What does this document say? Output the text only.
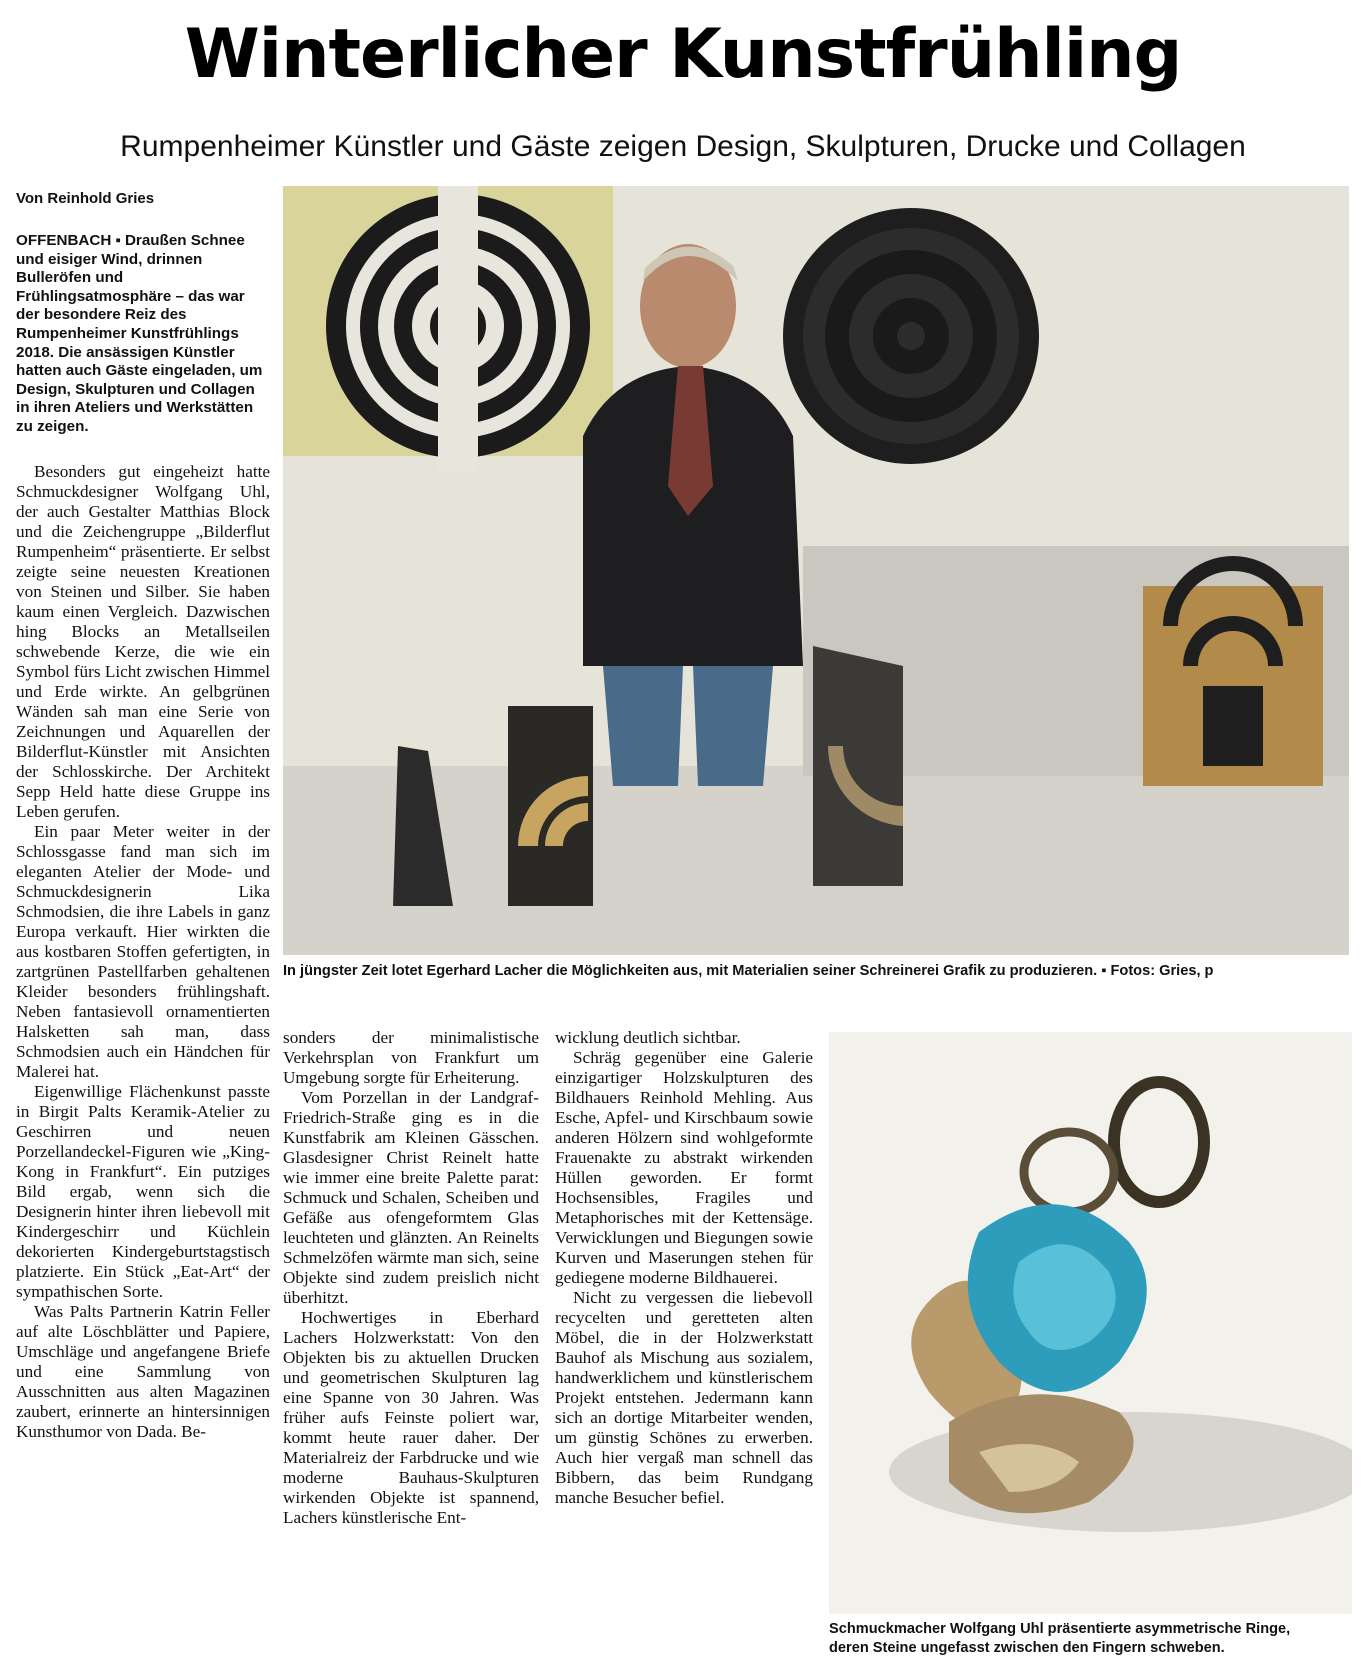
Winterlicher Kunstfrühling
Rumpenheimer Künstler und Gäste zeigen Design, Skulpturen, Drucke und Collagen
Von Reinhold Gries
OFFENBACH ▪ Draußen Schnee und eisiger Wind, drinnen Bulleröfen und Frühlingsatmosphäre – das war der besondere Reiz des Rumpenheimer Kunstfrühlings 2018. Die ansässigen Künstler hatten auch Gäste eingeladen, um Design, Skulpturen und Collagen in ihren Ateliers und Werkstätten zu zeigen.

Besonders gut eingeheizt hatte Schmuckdesigner Wolfgang Uhl, der auch Gestalter Matthias Block und die Zeichengruppe „Bilderflut Rumpenheim“ präsentierte. Er selbst zeigte seine neuesten Kreationen von Steinen und Silber. Sie haben kaum einen Vergleich. Dazwischen hing Blocks an Metallseilen schwebende Kerze, die wie ein Symbol fürs Licht zwischen Himmel und Erde wirkte. An gelbgrünen Wänden sah man eine Serie von Zeichnungen und Aquarellen der Bilderflut-Künstler mit Ansichten der Schlosskirche. Der Architekt Sepp Held hatte diese Gruppe ins Leben gerufen.

Ein paar Meter weiter in der Schlossgasse fand man sich im eleganten Atelier der Mode- und Schmuckdesignerin Lika Schmodsien, die ihre Labels in ganz Europa verkauft. Hier wirkten die aus kostbaren Stoffen gefertigten, in zartgrünen Pastellfarben gehaltenen Kleider besonders frühlingshaft. Neben fantasievoll ornamentierten Halsketten sah man, dass Schmodsien auch ein Händchen für Malerei hat.

Eigenwillige Flächenkunst passte in Birgit Palts Keramik-Atelier zu Geschirren und neuen Porzellandeckel-Figuren wie „King-Kong in Frankfurt“. Ein putziges Bild ergab, wenn sich die Designerin hinter ihren liebevoll mit Kindergeschirr und Küchlein dekorierten Kindergeburtstagstisch platzierte. Ein Stück „Eat-Art“ der sympathischen Sorte.

Was Palts Partnerin Katrin Feller auf alte Löschblätter und Papiere, Umschläge und angefangene Briefe und eine Sammlung von Ausschnitten aus alten Magazinen zaubert, erinnerte an hintersinnigen Kunsthumor von Dada. Be-

In jüngster Zeit lotet Egerhard Lacher die Möglichkeiten aus, mit Materialien seiner Schreinerei Grafik zu produzieren. ▪ Fotos: Gries, p

sonders der minimalistische Verkehrsplan von Frankfurt um Umgebung sorgte für Erheiterung.

Vom Porzellan in der Landgraf-Friedrich-Straße ging es in die Kunstfabrik am Kleinen Gässchen. Glasdesigner Christ Reinelt hatte wie immer eine breite Palette parat: Schmuck und Schalen, Scheiben und Gefäße aus ofengeformtem Glas leuchteten und glänzten. An Reinelts Schmelzöfen wärmte man sich, seine Objekte sind zudem preislich nicht überhitzt.

Hochwertiges in Eberhard Lachers Holzwerkstatt: Von den Objekten bis zu aktuellen Drucken und geometrischen Skulpturen lag eine Spanne von 30 Jahren. Was früher aufs Feinste poliert war, kommt heute rauer daher. Der Materialreiz der Farbdrucke und wie moderne Bauhaus-Skulpturen wirkenden Objekte ist spannend, Lachers künstlerische Ent-

wicklung deutlich sichtbar.

Schräg gegenüber eine Galerie einzigartiger Holzskulpturen des Bildhauers Reinhold Mehling. Aus Esche, Apfel- und Kirschbaum sowie anderen Hölzern sind wohlgeformte Frauenakte zu abstrakt wirkenden Hüllen geworden. Er formt Hochsensibles, Fragiles und Metaphorisches mit der Kettensäge. Verwicklungen und Biegungen sowie Kurven und Maserungen stehen für gediegene moderne Bildhauerei.

Nicht zu vergessen die liebevoll recycelten und geretteten alten Möbel, die in der Holzwerkstatt Bauhof als Mischung aus sozialem, handwerklichem und künstlerischem Projekt entstehen. Jedermann kann sich an dortige Mitarbeiter wenden, um günstig Schönes zu erwerben. Auch hier vergaß man schnell das Bibbern, das beim Rundgang manche Besucher befiel.

Schmuckmacher Wolfgang Uhl präsentierte asymmetrische Ringe,
deren Steine ungefasst zwischen den Fingern schweben.
